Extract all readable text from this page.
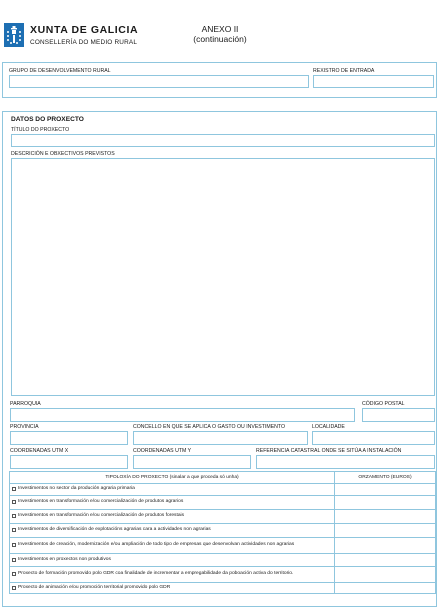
XUNTA DE GALICIA
CONSELLERÍA DO MEDIO RURAL
ANEXO II
(continuación)
GRUPO DE DESENVOLVEMENTO RURAL	REXISTRO DE ENTRADA
DATOS DO PROXECTO
TÍTULO DO PROXECTO
DESCRICIÓN E OBXECTIVOS PREVISTOS
PARROQUIA	CÓDIGO POSTAL
PROVINCIA	CONCELLO EN QUE SE APLICA O GASTO OU INVESTIMENTO	LOCALIDADE
COORDENADAS UTM X	COORDENADAS UTM Y	REFERENCIA CATASTRAL ONDE SE SITÚA A INSTALACIÓN
TIPOLOXÍA DO PROXECTO (sinalar a que proceda só unha)	ORZAMENTO (EUROS)
Investimentos no sector da produción agraria primaria	
Investimentos en transformación e/ou comercialización de produtos agrarios	
Investimentos en transformación e/ou comercialización de produtos forestais	
Investimentos de diversificación de explotacións agrarias cara a actividades non agrarias	
Investimentos de creación, modernización e/ou ampliación de todo tipo de empresas que desenvolvan actividades non agrarias	
Investimentos en proxectos non produtivos	
Proxecto de formación promovido polo GDR coa finalidade de incrementar a empregabilidade da poboación activa do territorio.	
Proxecto de animación e/ou promoción territorial promovido polo GDR	
